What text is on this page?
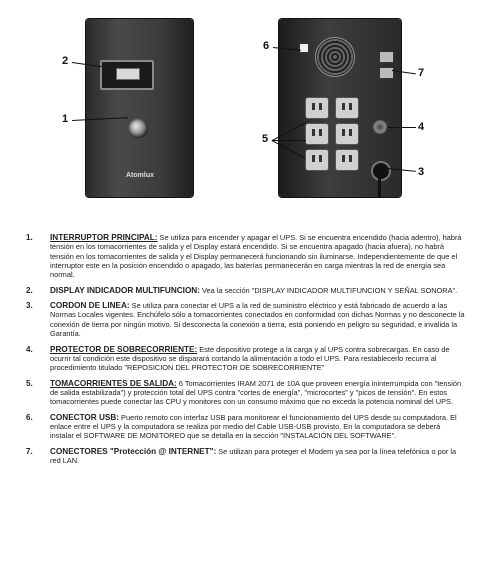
Atomlux
2
1
6
7
4
3
5
1.	INTERRUPTOR PRINCIPAL: Se utiliza para encender y apagar el UPS. Si se encuentra encendido (hacia adentro), habrá tensión en los tomacorrientes de salida y el Display estará encendido. Si se encuentra apagado (hacia afuera), no habrá tensión en los tomacorrientes de salida y el Display permanecerá funcionando sin iluminarse. Independientemente de que el interruptor este en la posición encendido o apagado, las baterías permanecerán en carga mientras la red de energía sea normal.
2.	DISPLAY INDICADOR MULTIFUNCION: Vea la sección "DISPLAY INDICADOR MULTIFUNCION Y SEÑAL SONORA".
3.	CORDON DE LINEA: Se utiliza para conectar el UPS a la red de suministro eléctrico y está fabricado de acuerdo a las Normas Locales vigentes. Enchúfelo sólo a tomacorrientes conectados en conformidad con dichas Normas y no desconecte la conexión de tierra por ningún motivo. Si desconecta la conexión a tierra, está poniendo en peligro su seguridad, e invalida la Garantía.
4.	PROTECTOR DE SOBRECORRIENTE: Este dispositivo protege a la carga y al UPS contra sobrecargas. En caso de ocurrir tal condición este dispositivo se disparará cortando la alimentación a todo el UPS. Para restablecerlo recurra al procedimiento titulado "REPOSICION DEL PROTECTOR DE SOBRECORRIENTE"
5.	TOMACORRIENTES DE SALIDA: 6 Tomacorrientes IRAM 2071 de 10A que proveen energía ininterrumpida con "tensión de salida estabilizada") y protección total del UPS contra "cortes de energía", "microcortes" y "picos de tensión". En estos tomacorrientes puede conectar las CPU y monitores con un consumo máximo que no exceda la potencia nominal del UPS.
6.	CONECTOR USB: Puerto remoto con interfaz USB para monitorear el funcionamiento del UPS desde su computadora. El enlace entre el UPS y la computadora se realiza por medio del Cable USB-USB provisto. En la computadora se deberá instalar el SOFTWARE DE MONITOREO que se detalla en la sección "INSTALACIÓN DEL SOFTWARE".
7.	CONECTORES "Protección @ INTERNET": Se utilizan para proteger el Modem ya sea por la línea telefónica o por la red LAN.
